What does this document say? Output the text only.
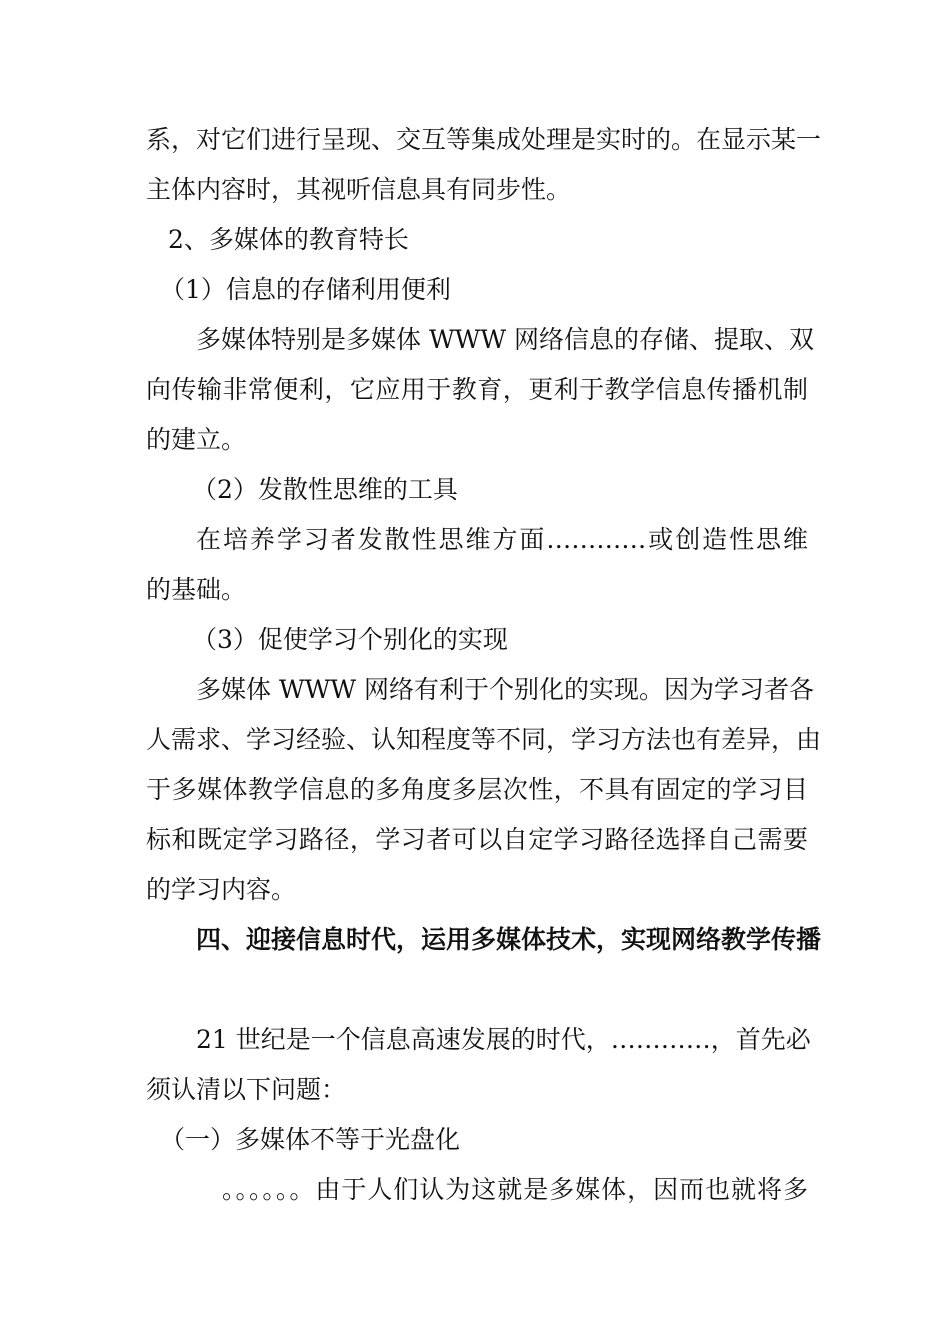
系，对它们进行呈现、交互等集成处理是实时的。在显示某一
主体内容时，其视听信息具有同步性。
2、多媒体的教育特长
（1）信息的存储利用便利
多媒体特别是多媒体 WWW 网络信息的存储、提取、双
向传输非常便利，它应用于教育，更利于教学信息传播机制
的建立。
（2）发散性思维的工具
在培养学习者发散性思维方面…………或创造性思维
的基础。
（3）促使学习个别化的实现
多媒体 WWW 网络有利于个别化的实现。因为学习者各
人需求、学习经验、认知程度等不同，学习方法也有差异，由
于多媒体教学信息的多角度多层次性，不具有固定的学习目
标和既定学习路径，学习者可以自定学习路径选择自己需要
的学习内容。
四、迎接信息时代，运用多媒体技术，实现网络教学传播
21 世纪是一个信息高速发展的时代，…………，首先必
须认清以下问题：
（一）多媒体不等于光盘化
。。。。。。由于人们认为这就是多媒体，因而也就将多
